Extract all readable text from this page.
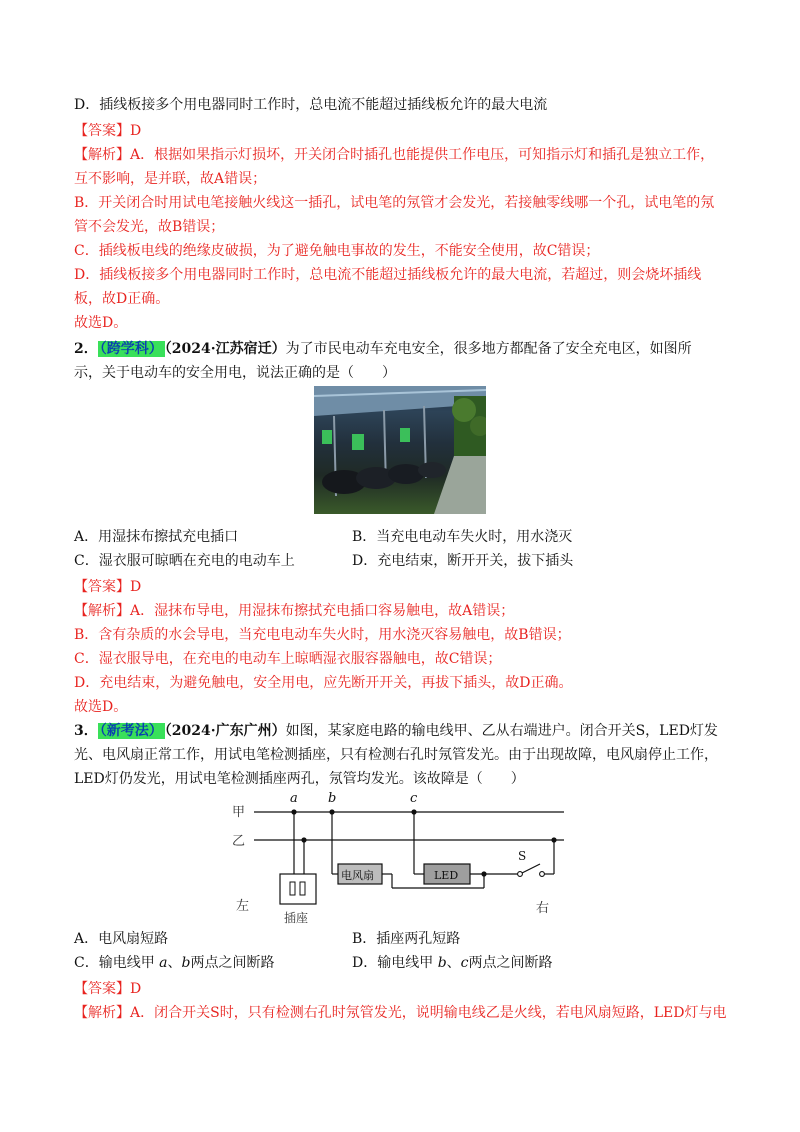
D．插线板接多个用电器同时工作时，总电流不能超过插线板允许的最大电流
【答案】D
【解析】A．根据如果指示灯损坏，开关闭合时插孔也能提供工作电压，可知指示灯和插孔是独立工作，
互不影响，是并联，故A错误；
B．开关闭合时用试电笔接触火线这一插孔，试电笔的氖管才会发光，若接触零线哪一个孔，试电笔的氖
管不会发光，故B错误；
C．插线板电线的绝缘皮破损，为了避免触电事故的发生，不能安全使用，故C错误；
D．插线板接多个用电器同时工作时，总电流不能超过插线板允许的最大电流，若超过，则会烧坏插线
板，故D正确。
故选D。
2． （跨学科） （2024·江苏宿迁）为了市民电动车充电安全，很多地方都配备了安全充电区，如图所
示，关于电动车的安全用电，说法正确的是（　　）
A．用湿抹布擦拭充电插口	B．当充电电动车失火时，用水浇灭
C．湿衣服可晾晒在充电的电动车上	D．充电结束，断开开关，拔下插头
【答案】D
【解析】A．湿抹布导电，用湿抹布擦拭充电插口容易触电，故A错误；
B．含有杂质的水会导电，当充电电动车失火时，用水浇灭容易触电，故B错误；
C．湿衣服导电，在充电的电动车上晾晒湿衣服容器触电，故C错误；
D．充电结束，为避免触电，安全用电，应先断开开关，再拔下插头，故D正确。
故选D。
3． （新考法） （2024·广东广州）如图，某家庭电路的输电线甲、乙从右端进户。闭合开关S，LED灯发
光、电风扇正常工作，用试电笔检测插座，只有检测右孔时氖管发光。由于出现故障，电风扇停止工作，
LED灯仍发光，用试电笔检测插座两孔，氖管均发光。该故障是（　　）
甲
乙
a b	c
插座
电风扇	LED
S
左	右
A．电风扇短路	B．插座两孔短路
C．输电线甲 a、b两点之间断路	D．输电线甲 b、c两点之间断路
【答案】D
【解析】A．闭合开关S时，只有检测右孔时氖管发光，说明输电线乙是火线，若电风扇短路，LED灯与电
